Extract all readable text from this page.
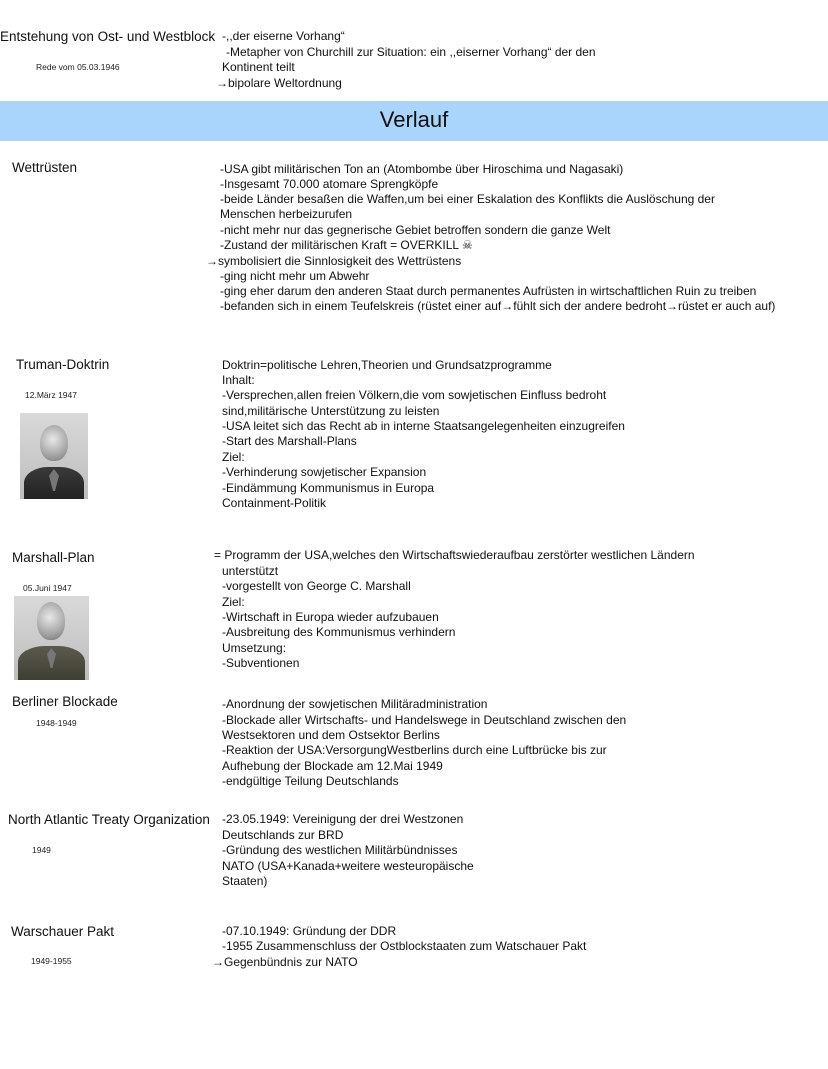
Entstehung von Ost- und Westblock
Rede vom 05.03.1946
-,,der eiserne Vorhang“
-Metapher von Churchill zur Situation: ein ,,eiserner Vorhang“ der den
Kontinent teilt
→bipolare Weltordnung
Verlauf
Wettrüsten	-USA gibt militärischen Ton an (Atombombe über Hiroschima und Nagasaki)
-Insgesamt 70.000 atomare Sprengköpfe
-beide Länder besaßen die Waffen,um bei einer Eskalation des Konflikts die Auslöschung der
Menschen herbeizurufen
-nicht mehr nur das gegnerische Gebiet betroffen sondern die ganze Welt
-Zustand der militärischen Kraft = OVERKILL ☠
→symbolisiert die Sinnlosigkeit des Wettrüstens
-ging nicht mehr um Abwehr
-ging eher darum den anderen Staat durch permanentes Aufrüsten in wirtschaftlichen Ruin zu treiben
-befanden sich in einem Teufelskreis (rüstet einer auf→fühlt sich der andere bedroht→rüstet er auch auf)
Truman-Doktrin
12.März 1947
Doktrin=politische Lehren,Theorien und Grundsatzprogramme
Inhalt:
-Versprechen,allen freien Völkern,die vom sowjetischen Einfluss bedroht
sind,militärische Unterstützung zu leisten
-USA leitet sich das Recht ab in interne Staatsangelegenheiten einzugreifen
-Start des Marshall-Plans
Ziel:
-Verhinderung sowjetischer Expansion
-Eindämmung Kommunismus in Europa
Containment-Politik
Marshall-Plan
05.Juni 1947
= Programm der USA,welches den Wirtschaftswiederaufbau zerstörter westlichen Ländern
unterstützt
-vorgestellt von George C. Marshall
Ziel:
-Wirtschaft in Europa wieder aufzubauen
-Ausbreitung des Kommunismus verhindern
Umsetzung:
-Subventionen
Berliner Blockade
1948-1949
-Anordnung der sowjetischen Militäradministration
-Blockade aller Wirtschafts- und Handelswege in Deutschland zwischen den
Westsektoren und dem Ostsektor Berlins
-Reaktion der USA:VersorgungWestberlins durch eine Luftbrücke bis zur
Aufhebung der Blockade am 12.Mai 1949
-endgültige Teilung Deutschlands
North Atlantic Treaty Organization
1949
-23.05.1949: Vereinigung der drei Westzonen
Deutschlands zur BRD
-Gründung des westlichen Militärbündnisses
NATO (USA+Kanada+weitere westeuropäische
Staaten)
Warschauer Pakt
1949-1955
-07.10.1949: Gründung der DDR
-1955 Zusammenschluss der Ostblockstaaten zum Watschauer Pakt
→Gegenbündnis zur NATO
